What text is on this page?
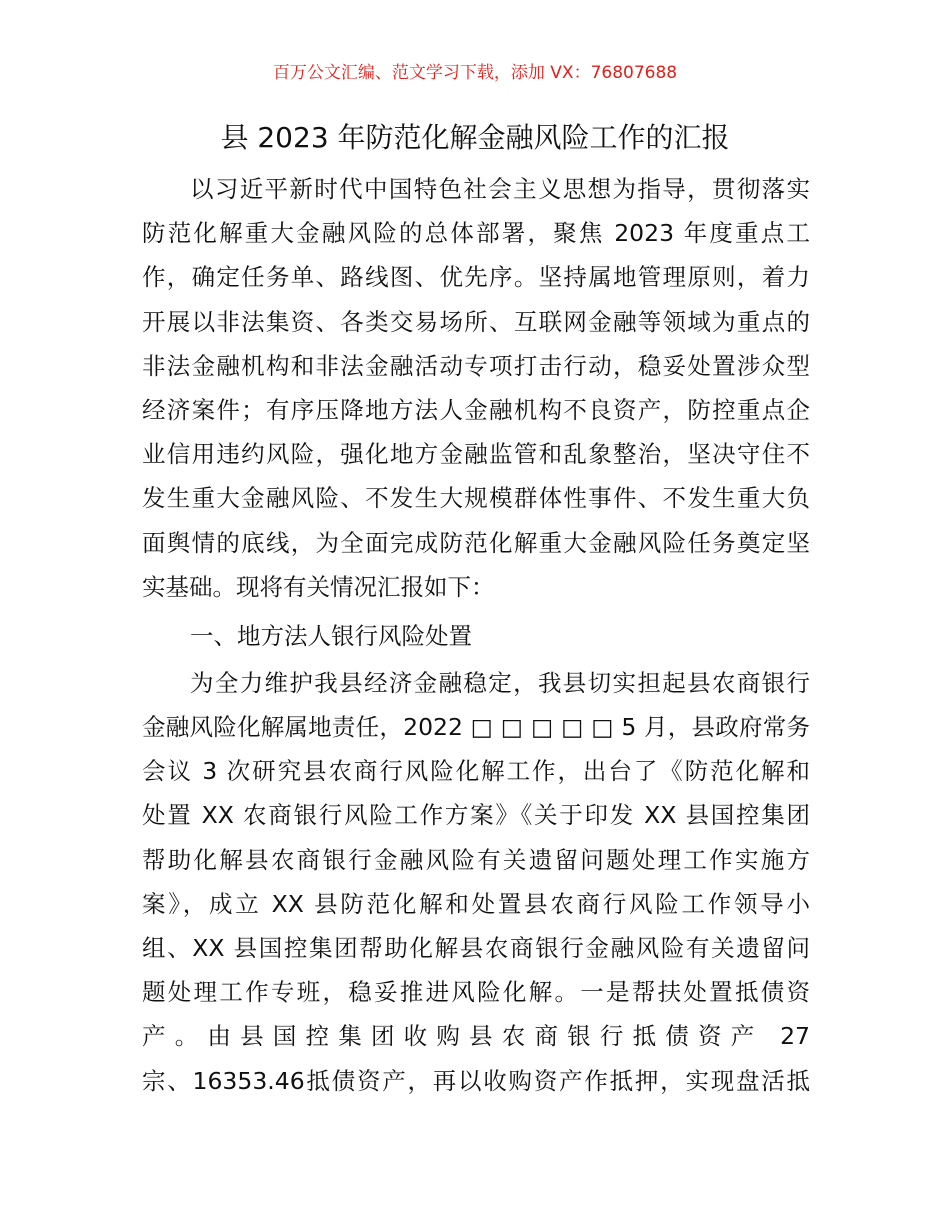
百万公文汇编、范文学习下载，添加 VX：76807688
县 2023 年防范化解金融风险工作的汇报
以习近平新时代中国特色社会主义思想为指导，贯彻落实
防范化解重大金融风险的总体部署，聚焦 2023 年度重点工
作，确定任务单、路线图、优先序。坚持属地管理原则，着力
开展以非法集资、各类交易场所、互联网金融等领域为重点的
非法金融机构和非法金融活动专项打击行动，稳妥处置涉众型
经济案件；有序压降地方法人金融机构不良资产，防控重点企
业信用违约风险，强化地方金融监管和乱象整治，坚决守住不
发生重大金融风险、不发生大规模群体性事件、不发生重大负
面舆情的底线，为全面完成防范化解重大金融风险任务奠定坚
实基础。现将有关情况汇报如下：
一、地方法人银行风险处置
为全力维护我县经济金融稳定，我县切实担起县农商银行
金融风险化解属地责任，2022 □ □ □ □ □ 5 月，县政府常务
会议 3 次研究县农商行风险化解工作，出台了《防范化解和
处置 XX 农商银行风险工作方案》《关于印发 XX 县国控集团
帮助化解县农商银行金融风险有关遗留问题处理工作实施方
案》，成立 XX 县防范化解和处置县农商行风险工作领导小
组、XX 县国控集团帮助化解县农商银行金融风险有关遗留问
题处理工作专班，稳妥推进风险化解。一是帮扶处置抵债资
产。由县国控集团收购县农商银行抵债资产 27
宗、16353.46抵债资产，再以收购资产作抵押，实现盘活抵
